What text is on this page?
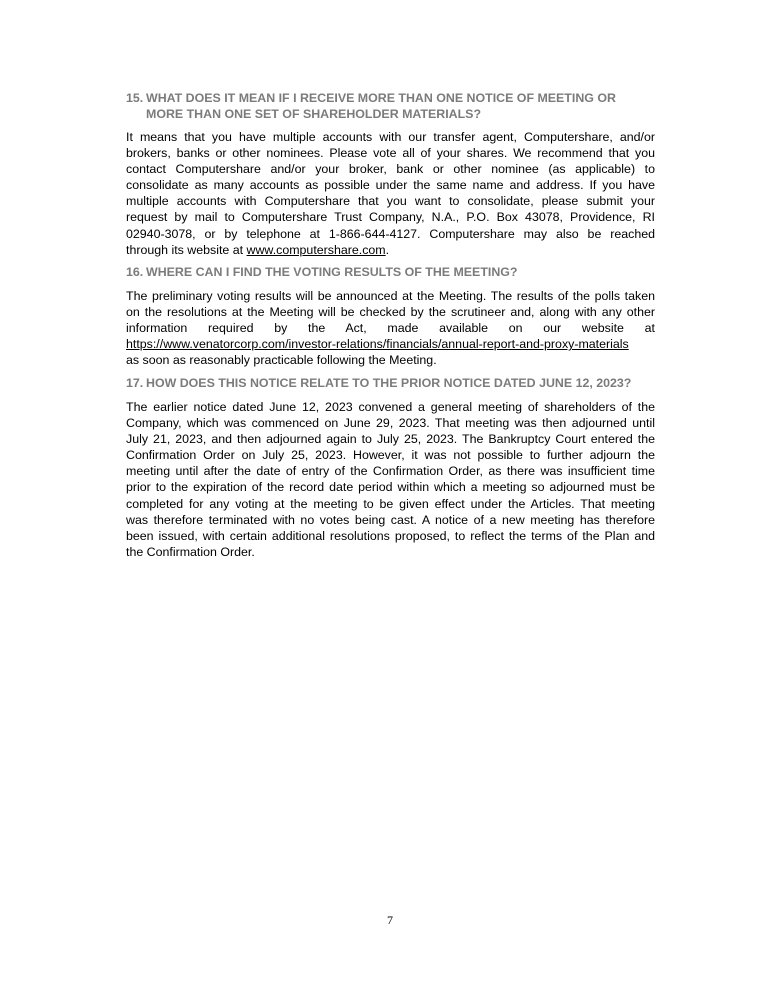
15. WHAT DOES IT MEAN IF I RECEIVE MORE THAN ONE NOTICE OF MEETING OR
MORE THAN ONE SET OF SHAREHOLDER MATERIALS?
It means that you have multiple accounts with our transfer agent, Computershare, and/or
brokers, banks or other nominees. Please vote all of your shares. We recommend that you
contact Computershare and/or your broker, bank or other nominee (as applicable) to
consolidate as many accounts as possible under the same name and address. If you have
multiple accounts with Computershare that you want to consolidate, please submit your
request by mail to Computershare Trust Company, N.A., P.O. Box 43078, Providence, RI
02940-3078, or by telephone at 1-866-644-4127. Computershare may also be reached
through its website at www.computershare.com.
16. WHERE CAN I FIND THE VOTING RESULTS OF THE MEETING?
The preliminary voting results will be announced at the Meeting. The results of the polls taken
on the resolutions at the Meeting will be checked by the scrutineer and, along with any other
information required by the Act, made available on our website at
https://www.venatorcorp.com/investor-relations/financials/annual-report-and-proxy-materials
as soon as reasonably practicable following the Meeting.
17. HOW DOES THIS NOTICE RELATE TO THE PRIOR NOTICE DATED JUNE 12, 2023?
The earlier notice dated June 12, 2023 convened a general meeting of shareholders of the
Company, which was commenced on June 29, 2023. That meeting was then adjourned until
July 21, 2023, and then adjourned again to July 25, 2023. The Bankruptcy Court entered the
Confirmation Order on July 25, 2023. However, it was not possible to further adjourn the
meeting until after the date of entry of the Confirmation Order, as there was insufficient time
prior to the expiration of the record date period within which a meeting so adjourned must be
completed for any voting at the meeting to be given effect under the Articles. That meeting
was therefore terminated with no votes being cast. A notice of a new meeting has therefore
been issued, with certain additional resolutions proposed, to reflect the terms of the Plan and
the Confirmation Order.
7
